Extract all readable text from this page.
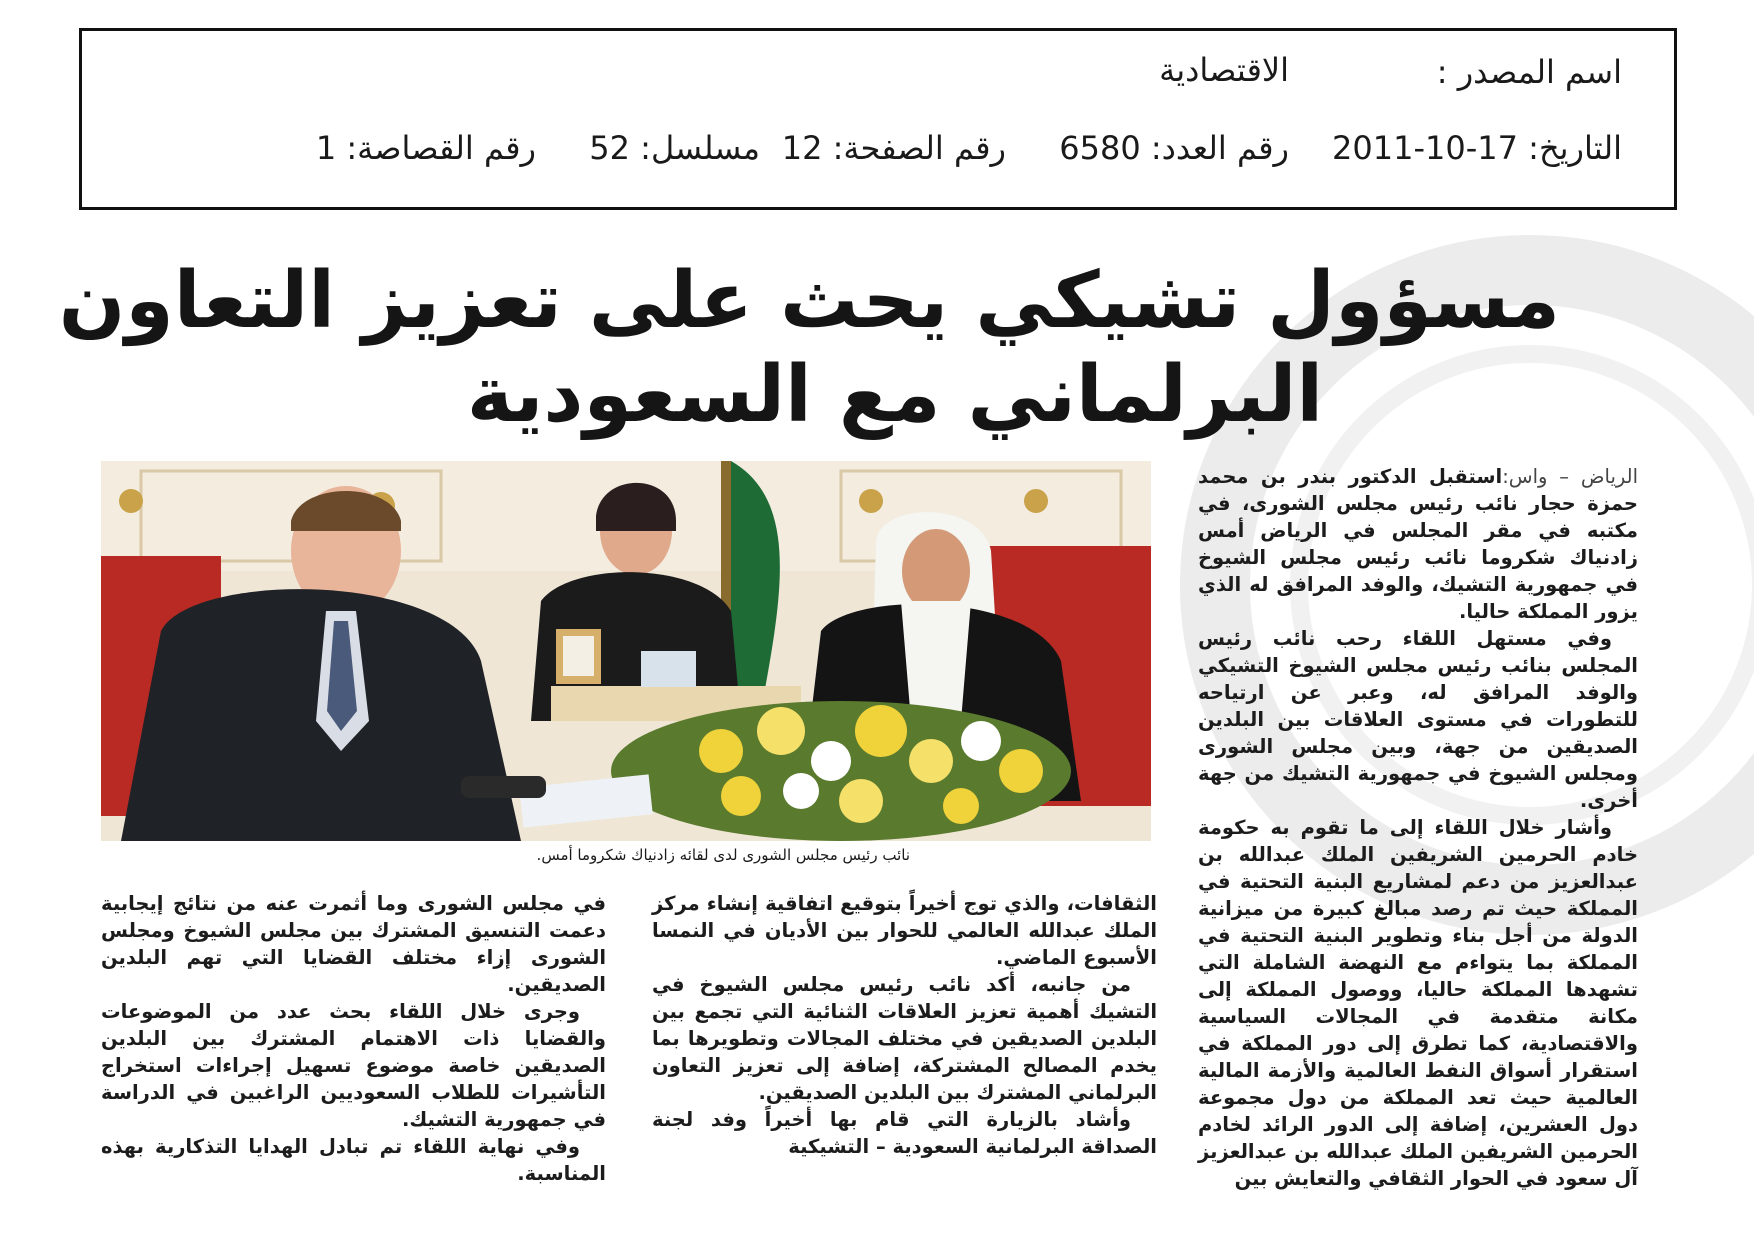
اسم المصدر :
الاقتصادية
التاريخ: 17-10-2011
رقم العدد: 6580
رقم الصفحة: 12
مسلسل: 52
رقم القصاصة: 1
مسؤول تشيكي يحث على تعزيز التعاون
البرلماني مع السعودية
نائب رئيس مجلس الشورى لدى لقائه زادنياك شكروما أمس.

الرياض – واس:استقبل الدكتور بندر بن محمد حمزة حجار نائب رئيس مجلس الشورى، في مكتبه في مقر المجلس في الرياض أمس زادنياك شكروما نائب رئيس مجلس الشيوخ في جمهورية التشيك، والوفد المرافق له الذي يزور المملكة حاليا.

وفي مستهل اللقاء رحب نائب رئيس المجلس بنائب رئيس مجلس الشيوخ التشيكي والوفد المرافق له، وعبر عن ارتياحه للتطورات في مستوى العلاقات بين البلدين الصديقين من جهة، وبين مجلس الشورى ومجلس الشيوخ في جمهورية التشيك من جهة أخرى.

وأشار خلال اللقاء إلى ما تقوم به حكومة خادم الحرمين الشريفين الملك عبدالله بن عبدالعزيز من دعم لمشاريع البنية التحتية في المملكة حيث تم رصد مبالغ كبيرة من ميزانية الدولة من أجل بناء وتطوير البنية التحتية في المملكة بما يتواءم مع النهضة الشاملة التي تشهدها المملكة حاليا، ووصول المملكة إلى مكانة متقدمة في المجالات السياسية والاقتصادية، كما تطرق إلى دور المملكة في استقرار أسواق النفط العالمية والأزمة المالية العالمية حيث تعد المملكة من دول مجموعة دول العشرين، إضافة إلى الدور الرائد لخادم الحرمين الشريفين الملك عبدالله بن عبدالعزيز آل سعود في الحوار الثقافي والتعايش بين

الثقافات، والذي توج أخيراً بتوقيع اتفاقية إنشاء مركز الملك عبدالله العالمي للحوار بين الأديان في النمسا الأسبوع الماضي.

من جانبه، أكد نائب رئيس مجلس الشيوخ في التشيك أهمية تعزيز العلاقات الثنائية التي تجمع بين البلدين الصديقين في مختلف المجالات وتطويرها بما يخدم المصالح المشتركة، إضافة إلى تعزيز التعاون البرلماني المشترك بين البلدين الصديقين.

وأشاد بالزيارة التي قام بها أخيراً وفد لجنة الصداقة البرلمانية السعودية – التشيكية

في مجلس الشورى وما أثمرت عنه من نتائج إيجابية دعمت التنسيق المشترك بين مجلس الشيوخ ومجلس الشورى إزاء مختلف القضايا التي تهم البلدين الصديقين.

وجرى خلال اللقاء بحث عدد من الموضوعات والقضايا ذات الاهتمام المشترك بين البلدين الصديقين خاصة موضوع تسهيل إجراءات استخراج التأشيرات للطلاب السعوديين الراغبين في الدراسة في جمهورية التشيك.

وفي نهاية اللقاء تم تبادل الهدايا التذكارية بهذه المناسبة.
